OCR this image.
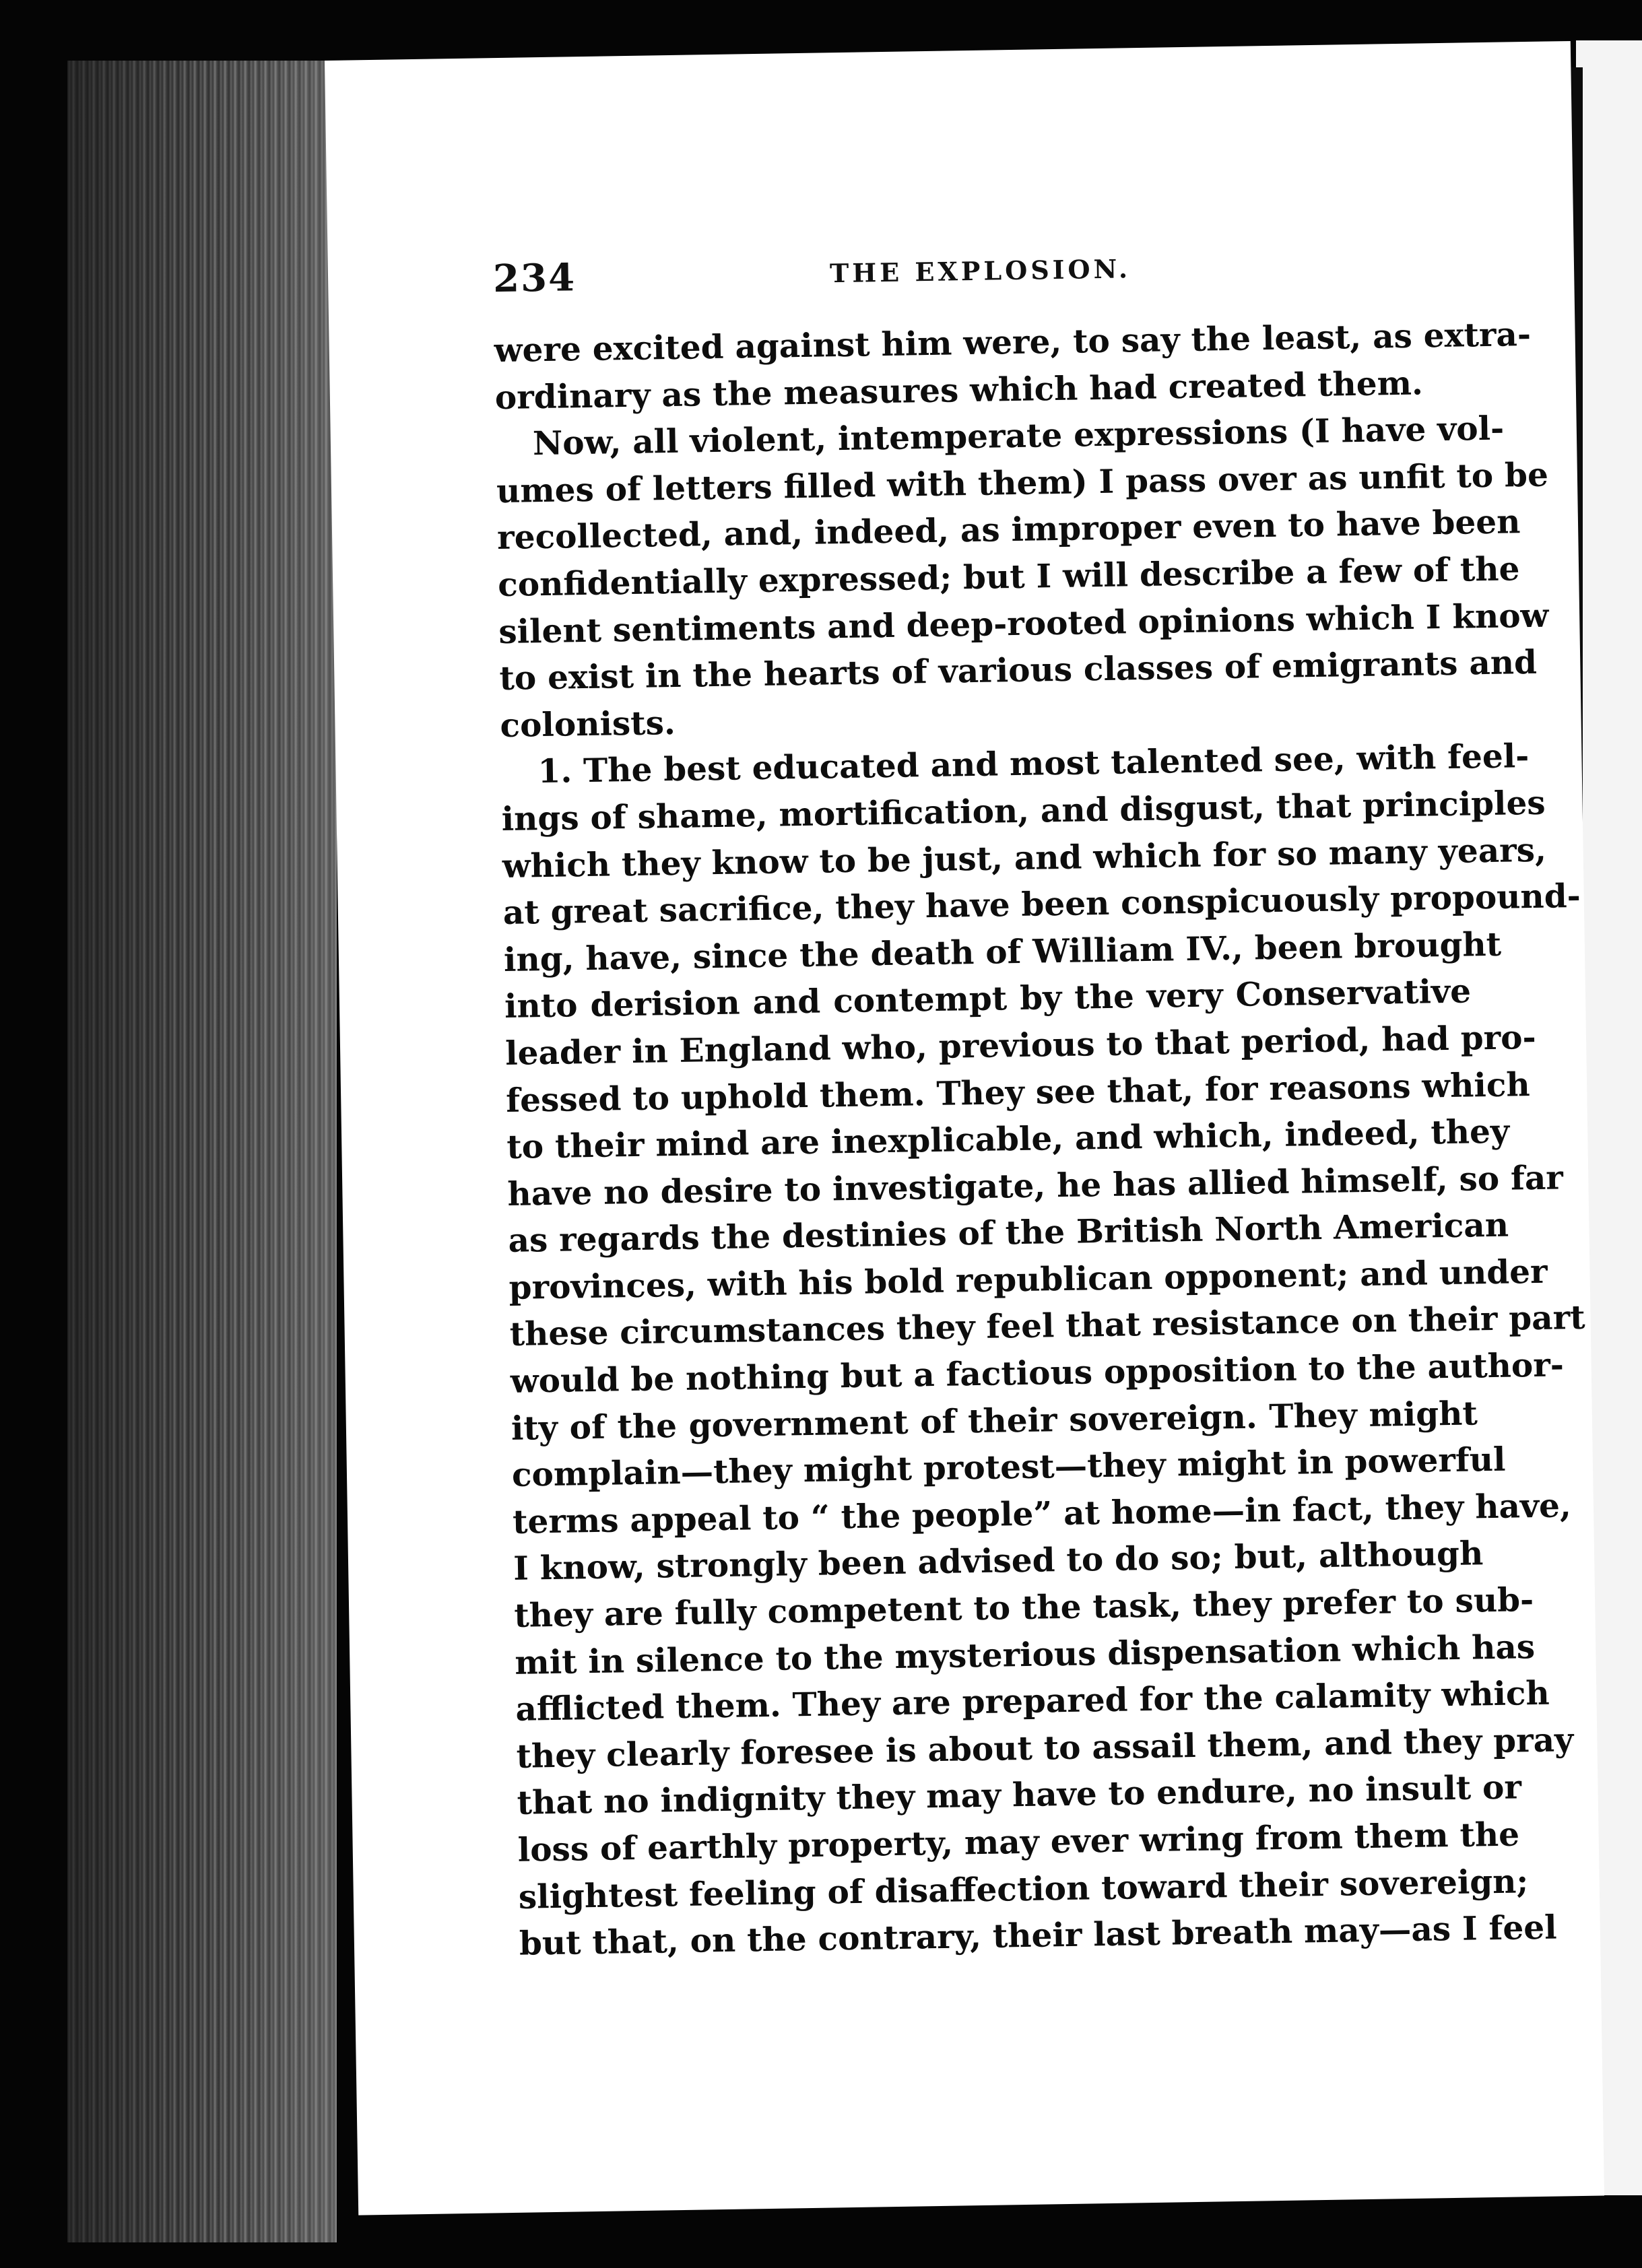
234	THE EXPLOSION.
were excited against him were, to say the least, as extra-
ordinary as the measures which had created them.
Now, all violent, intemperate expressions (I have vol-
umes of letters filled with them) I pass over as unfit to be
recollected, and, indeed, as improper even to have been
confidentially expressed; but I will describe a few of the
silent sentiments and deep-rooted opinions which I know
to exist in the hearts of various classes of emigrants and
colonists.
1. The best educated and most talented see, with feel-
ings of shame, mortification, and disgust, that principles
which they know to be just, and which for so many years,
at great sacrifice, they have been conspicuously propound-
ing, have, since the death of William IV., been brought
into derision and contempt by the very Conservative
leader in England who, previous to that period, had pro-
fessed to uphold them. They see that, for reasons which
to their mind are inexplicable, and which, indeed, they
have no desire to investigate, he has allied himself, so far
as regards the destinies of the British North American
provinces, with his bold republican opponent; and under
these circumstances they feel that resistance on their part
would be nothing but a factious opposition to the author-
ity of the government of their sovereign. They might
complain—they might protest—they might in powerful
terms appeal to “ the people” at home—in fact, they have,
I know, strongly been advised to do so; but, although
they are fully competent to the task, they prefer to sub-
mit in silence to the mysterious dispensation which has
afflicted them. They are prepared for the calamity which
they clearly foresee is about to assail them, and they pray
that no indignity they may have to endure, no insult or
loss of earthly property, may ever wring from them the
slightest feeling of disaffection toward their sovereign;
but that, on the contrary, their last breath may—as I feel
